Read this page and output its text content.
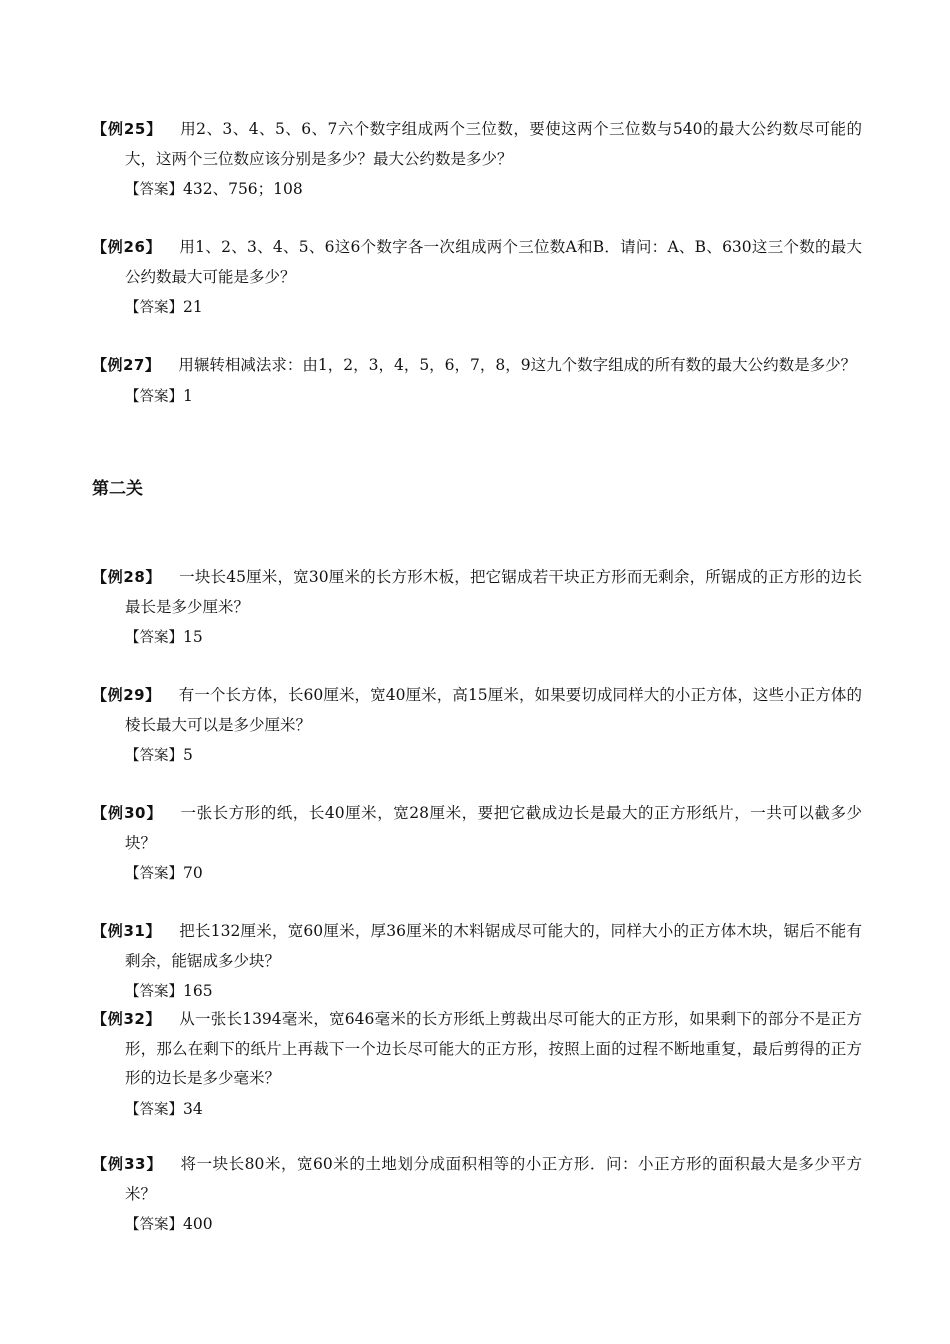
【例25】 用2、3、4、5、6、7六个数字组成两个三位数，要使这两个三位数与540的最大公约数尽可能的大，这两个三位数应该分别是多少？最大公约数是多少？
【答案】432、756；108
【例26】 用1、2、3、4、5、6这6个数字各一次组成两个三位数A和B．请问：A、B、630这三个数的最大公约数最大可能是多少？
【答案】21
【例27】 用辗转相减法求：由1，2，3，4，5，6，7，8，9这九个数字组成的所有数的最大公约数是多少？
【答案】1
第二关
【例28】 一块长45厘米，宽30厘米的长方形木板，把它锯成若干块正方形而无剩余，所锯成的正方形的边长最长是多少厘米？
【答案】15
【例29】 有一个长方体，长60厘米，宽40厘米，高15厘米，如果要切成同样大的小正方体，这些小正方体的棱长最大可以是多少厘米？
【答案】5
【例30】 一张长方形的纸，长40厘米，宽28厘米，要把它截成边长是最大的正方形纸片，一共可以截多少块？
【答案】70
【例31】 把长132厘米，宽60厘米，厚36厘米的木料锯成尽可能大的，同样大小的正方体木块，锯后不能有剩余，能锯成多少块？
【答案】165
【例32】 从一张长1394毫米，宽646毫米的长方形纸上剪裁出尽可能大的正方形，如果剩下的部分不是正方形，那么在剩下的纸片上再裁下一个边长尽可能大的正方形，按照上面的过程不断地重复，最后剪得的正方形的边长是多少毫米？
【答案】34
【例33】 将一块长80米，宽60米的土地划分成面积相等的小正方形．问：小正方形的面积最大是多少平方米？
【答案】400
